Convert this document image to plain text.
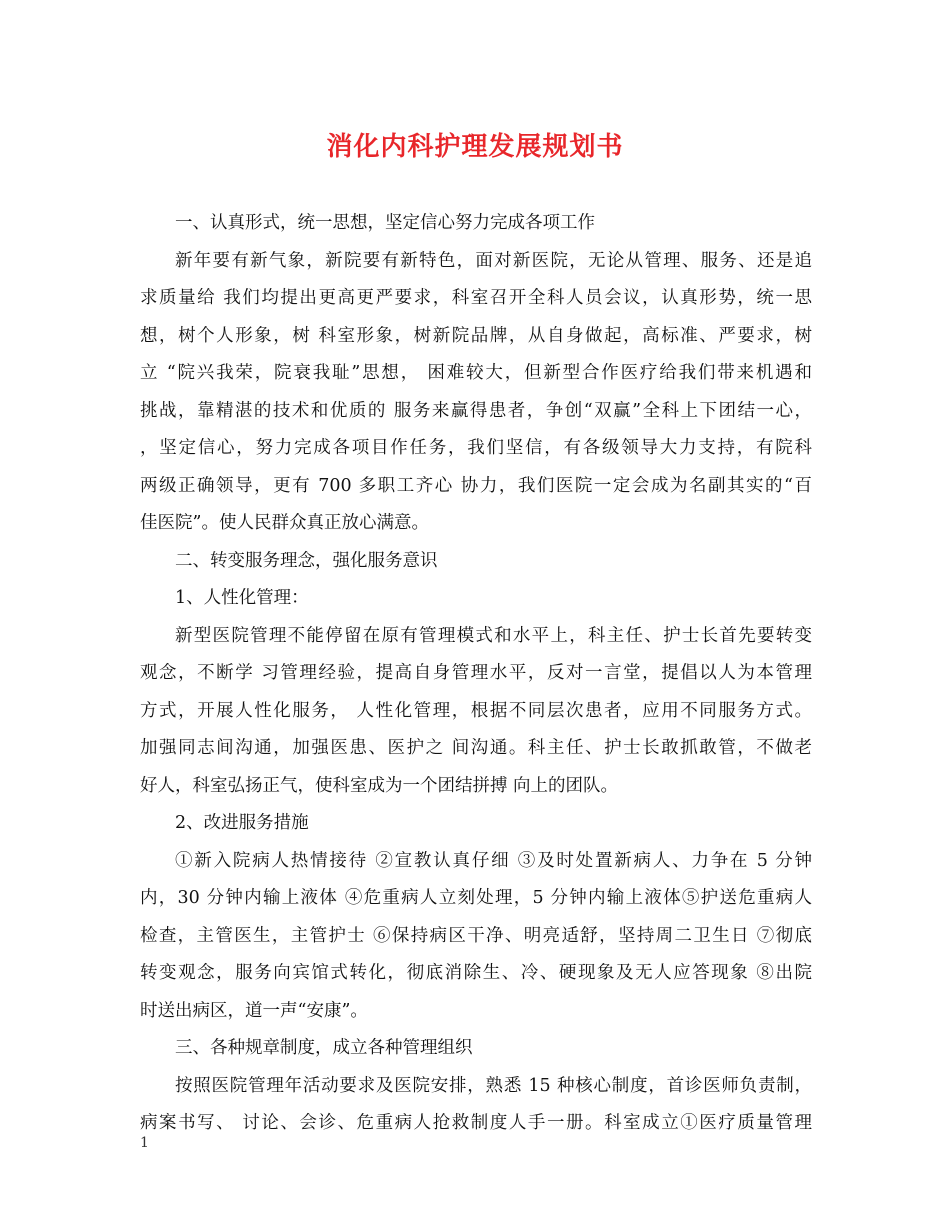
消化内科护理发展规划书
一、认真形式，统一思想，坚定信心努力完成各项工作
新年要有新气象，新院要有新特色，面对新医院，无论从管理、服务、还是追
求质量给 我们均提出更高更严要求，科室召开全科人员会议，认真形势，统一思
想，树个人形象，树 科室形象，树新院品牌，从自身做起，高标准、严要求，树
立 “院兴我荣，院衰我耻”思想， 困难较大，但新型合作医疗给我们带来机遇和
挑战，靠精湛的技术和优质的 服务来赢得患者，争创“双赢”全科上下团结一心，
，坚定信心，努力完成各项目作任务，我们坚信，有各级领导大力支持，有院科
两级正确领导，更有 700 多职工齐心 协力，我们医院一定会成为名副其实的“百
佳医院”。使人民群众真正放心满意。
二、转变服务理念，强化服务意识
1、人性化管理：
新型医院管理不能停留在原有管理模式和水平上，科主任、护士长首先要转变
观念，不断学 习管理经验，提高自身管理水平，反对一言堂，提倡以人为本管理
方式，开展人性化服务， 人性化管理，根据不同层次患者，应用不同服务方式。
加强同志间沟通，加强医患、医护之 间沟通。科主任、护士长敢抓敢管，不做老
好人，科室弘扬正气，使科室成为一个团结拼搏 向上的团队。
2、改进服务措施
①新入院病人热情接待 ②宣教认真仔细 ③及时处置新病人、力争在 5 分钟
内，30 分钟内输上液体 ④危重病人立刻处理，5 分钟内输上液体⑤护送危重病人
检查，主管医生，主管护士 ⑥保持病区干净、明亮适舒，坚持周二卫生日 ⑦彻底
转变观念，服务向宾馆式转化，彻底消除生、冷、硬现象及无人应答现象 ⑧出院
时送出病区，道一声“安康”。
三、各种规章制度，成立各种管理组织
按照医院管理年活动要求及医院安排，熟悉 15 种核心制度，首诊医师负责制，
病案书写、 讨论、会诊、危重病人抢救制度人手一册。科室成立①医疗质量管理
1
